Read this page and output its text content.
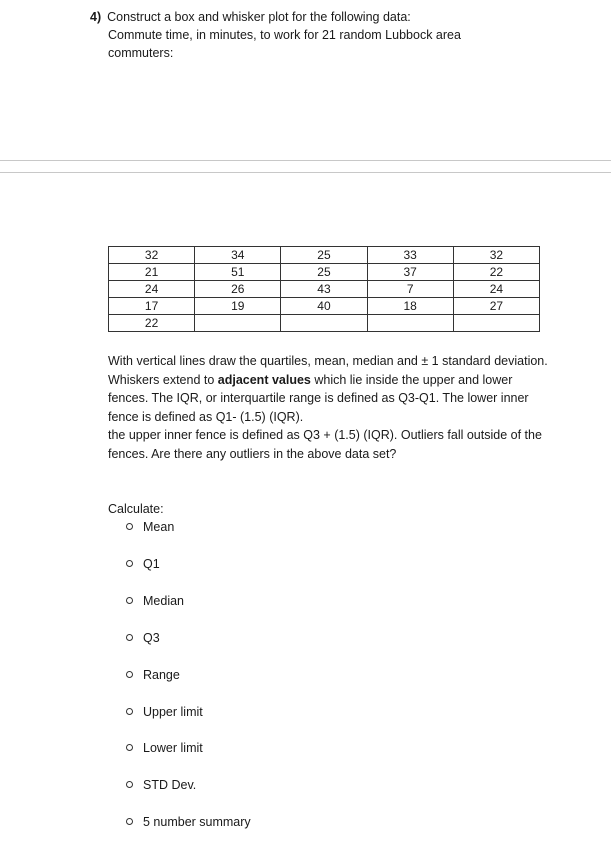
4) Construct a box and whisker plot for the following data:
Commute time, in minutes, to work for 21 random Lubbock area
commuters:
32	34	25	33	32
21	51	25	37	22
24	26	43	7	24
17	19	40	18	27
22				

With vertical lines draw the quartiles, mean, median and ± 1 standard deviation.

Whiskers extend to adjacent values which lie inside the upper and lower fences. The IQR, or interquartile range is defined as Q3-Q1. The lower inner fence is defined as Q1- (1.5) (IQR).

the upper inner fence is defined as Q3 + (1.5) (IQR). Outliers fall outside of the fences. Are there any outliers in the above data set?

Calculate:
Mean
Q1
Median
Q3
Range
Upper limit
Lower limit
STD Dev.
5 number summary
